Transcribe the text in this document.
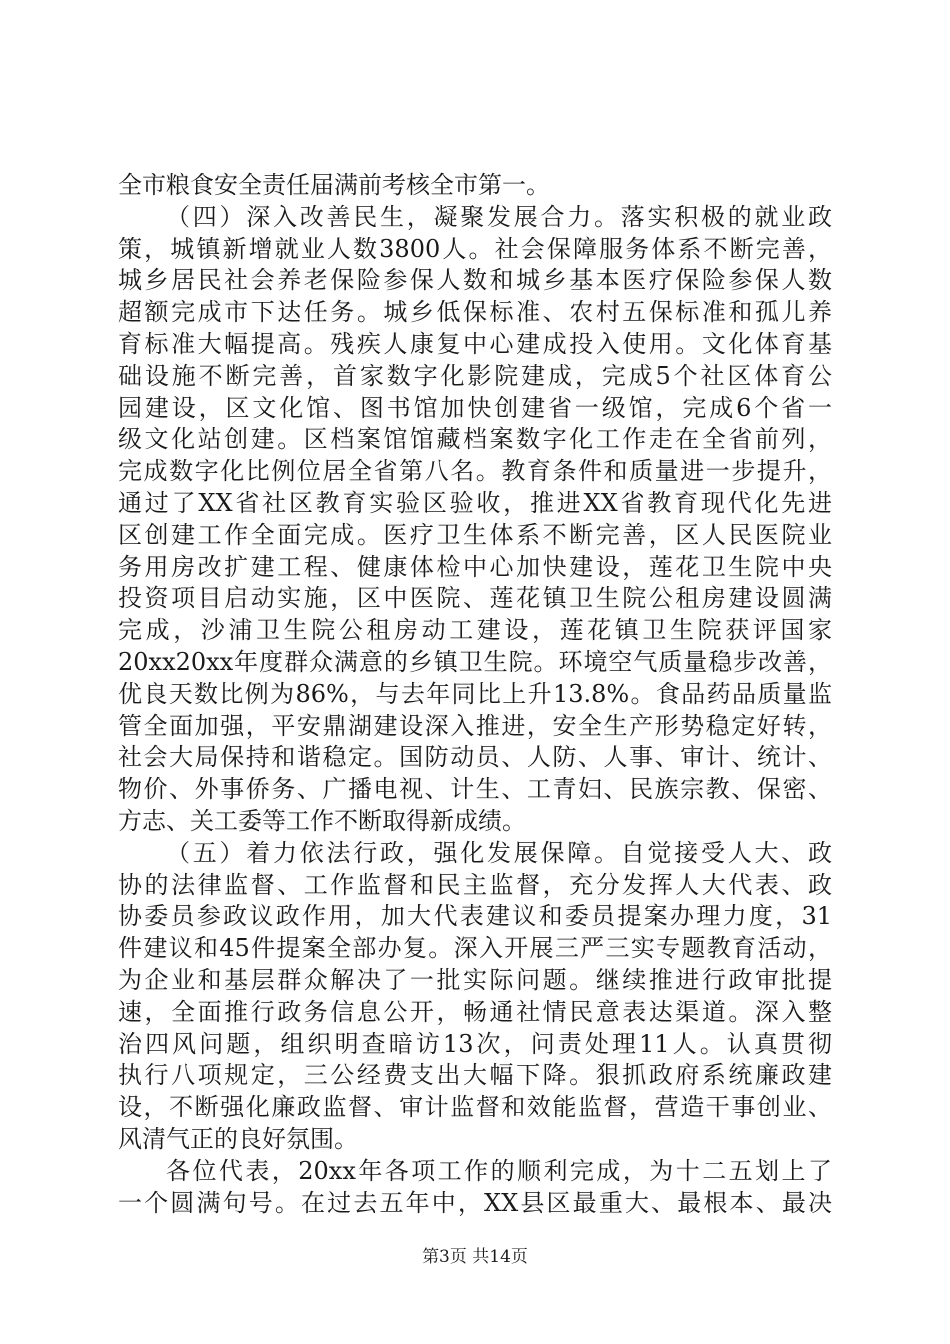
全市粮食安全责任届满前考核全市第一。
（四）深入改善民生，凝聚发展合力。落实积极的就业政
策，城镇新增就业人数3800人。社会保障服务体系不断完善，
城乡居民社会养老保险参保人数和城乡基本医疗保险参保人数
超额完成市下达任务。城乡低保标准、农村五保标准和孤儿养
育标准大幅提高。残疾人康复中心建成投入使用。文化体育基
础设施不断完善，首家数字化影院建成，完成5个社区体育公
园建设，区文化馆、图书馆加快创建省一级馆，完成6个省一
级文化站创建。区档案馆馆藏档案数字化工作走在全省前列，
完成数字化比例位居全省第八名。教育条件和质量进一步提升，
通过了XX省社区教育实验区验收，推进XX省教育现代化先进
区创建工作全面完成。医疗卫生体系不断完善，区人民医院业
务用房改扩建工程、健康体检中心加快建设，莲花卫生院中央
投资项目启动实施，区中医院、莲花镇卫生院公租房建设圆满
完成，沙浦卫生院公租房动工建设，莲花镇卫生院获评国家
20xx20xx年度群众满意的乡镇卫生院。环境空气质量稳步改善，
优良天数比例为86%，与去年同比上升13.8%。食品药品质量监
管全面加强，平安鼎湖建设深入推进，安全生产形势稳定好转，
社会大局保持和谐稳定。国防动员、人防、人事、审计、统计、
物价、外事侨务、广播电视、计生、工青妇、民族宗教、保密、
方志、关工委等工作不断取得新成绩。
（五）着力依法行政，强化发展保障。自觉接受人大、政
协的法律监督、工作监督和民主监督，充分发挥人大代表、政
协委员参政议政作用，加大代表建议和委员提案办理力度，31
件建议和45件提案全部办复。深入开展三严三实专题教育活动，
为企业和基层群众解决了一批实际问题。继续推进行政审批提
速，全面推行政务信息公开，畅通社情民意表达渠道。深入整
治四风问题，组织明查暗访13次，问责处理11人。认真贯彻
执行八项规定，三公经费支出大幅下降。狠抓政府系统廉政建
设，不断强化廉政监督、审计监督和效能监督，营造干事创业、
风清气正的良好氛围。
各位代表，20xx年各项工作的顺利完成，为十二五划上了
一个圆满句号。在过去五年中，XX县区最重大、最根本、最决
第3页 共14页
